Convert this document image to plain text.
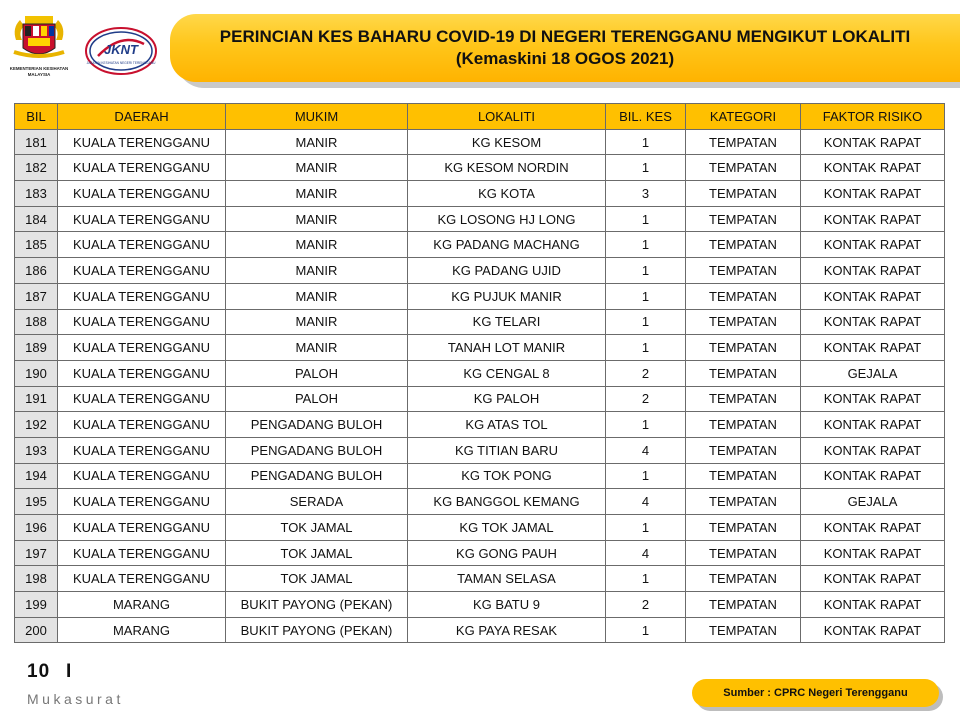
KEMENTERIAN KESIHATAN
MALAYSIA
JKNT
JABATAN KESIHATAN NEGERI TERENGGANU
PERINCIAN KES BAHARU COVID-19 DI NEGERI TERENGGANU MENGIKUT LOKALITI
(Kemaskini 18 OGOS 2021)
BIL	DAERAH	MUKIM	LOKALITI	BIL. KES	KATEGORI	FAKTOR RISIKO
181	KUALA TERENGGANU	MANIR	KG KESOM	1	TEMPATAN	KONTAK RAPAT
182	KUALA TERENGGANU	MANIR	KG KESOM NORDIN	1	TEMPATAN	KONTAK RAPAT
183	KUALA TERENGGANU	MANIR	KG KOTA	3	TEMPATAN	KONTAK RAPAT
184	KUALA TERENGGANU	MANIR	KG LOSONG HJ LONG	1	TEMPATAN	KONTAK RAPAT
185	KUALA TERENGGANU	MANIR	KG PADANG MACHANG	1	TEMPATAN	KONTAK RAPAT
186	KUALA TERENGGANU	MANIR	KG PADANG UJID	1	TEMPATAN	KONTAK RAPAT
187	KUALA TERENGGANU	MANIR	KG PUJUK MANIR	1	TEMPATAN	KONTAK RAPAT
188	KUALA TERENGGANU	MANIR	KG TELARI	1	TEMPATAN	KONTAK RAPAT
189	KUALA TERENGGANU	MANIR	TANAH LOT MANIR	1	TEMPATAN	KONTAK RAPAT
190	KUALA TERENGGANU	PALOH	KG CENGAL 8	2	TEMPATAN	GEJALA
191	KUALA TERENGGANU	PALOH	KG PALOH	2	TEMPATAN	KONTAK RAPAT
192	KUALA TERENGGANU	PENGADANG BULOH	KG ATAS TOL	1	TEMPATAN	KONTAK RAPAT
193	KUALA TERENGGANU	PENGADANG BULOH	KG TITIAN BARU	4	TEMPATAN	KONTAK RAPAT
194	KUALA TERENGGANU	PENGADANG BULOH	KG TOK PONG	1	TEMPATAN	KONTAK RAPAT
195	KUALA TERENGGANU	SERADA	KG BANGGOL KEMANG	4	TEMPATAN	GEJALA
196	KUALA TERENGGANU	TOK JAMAL	KG TOK JAMAL	1	TEMPATAN	KONTAK RAPAT
197	KUALA TERENGGANU	TOK JAMAL	KG GONG PAUH	4	TEMPATAN	KONTAK RAPAT
198	KUALA TERENGGANU	TOK JAMAL	TAMAN SELASA	1	TEMPATAN	KONTAK RAPAT
199	MARANG	BUKIT PAYONG (PEKAN)	KG BATU 9	2	TEMPATAN	KONTAK RAPAT
200	MARANG	BUKIT PAYONG (PEKAN)	KG PAYA RESAK	1	TEMPATAN	KONTAK RAPAT
10 I
Mukasurat	Sumber : CPRC Negeri Terengganu
